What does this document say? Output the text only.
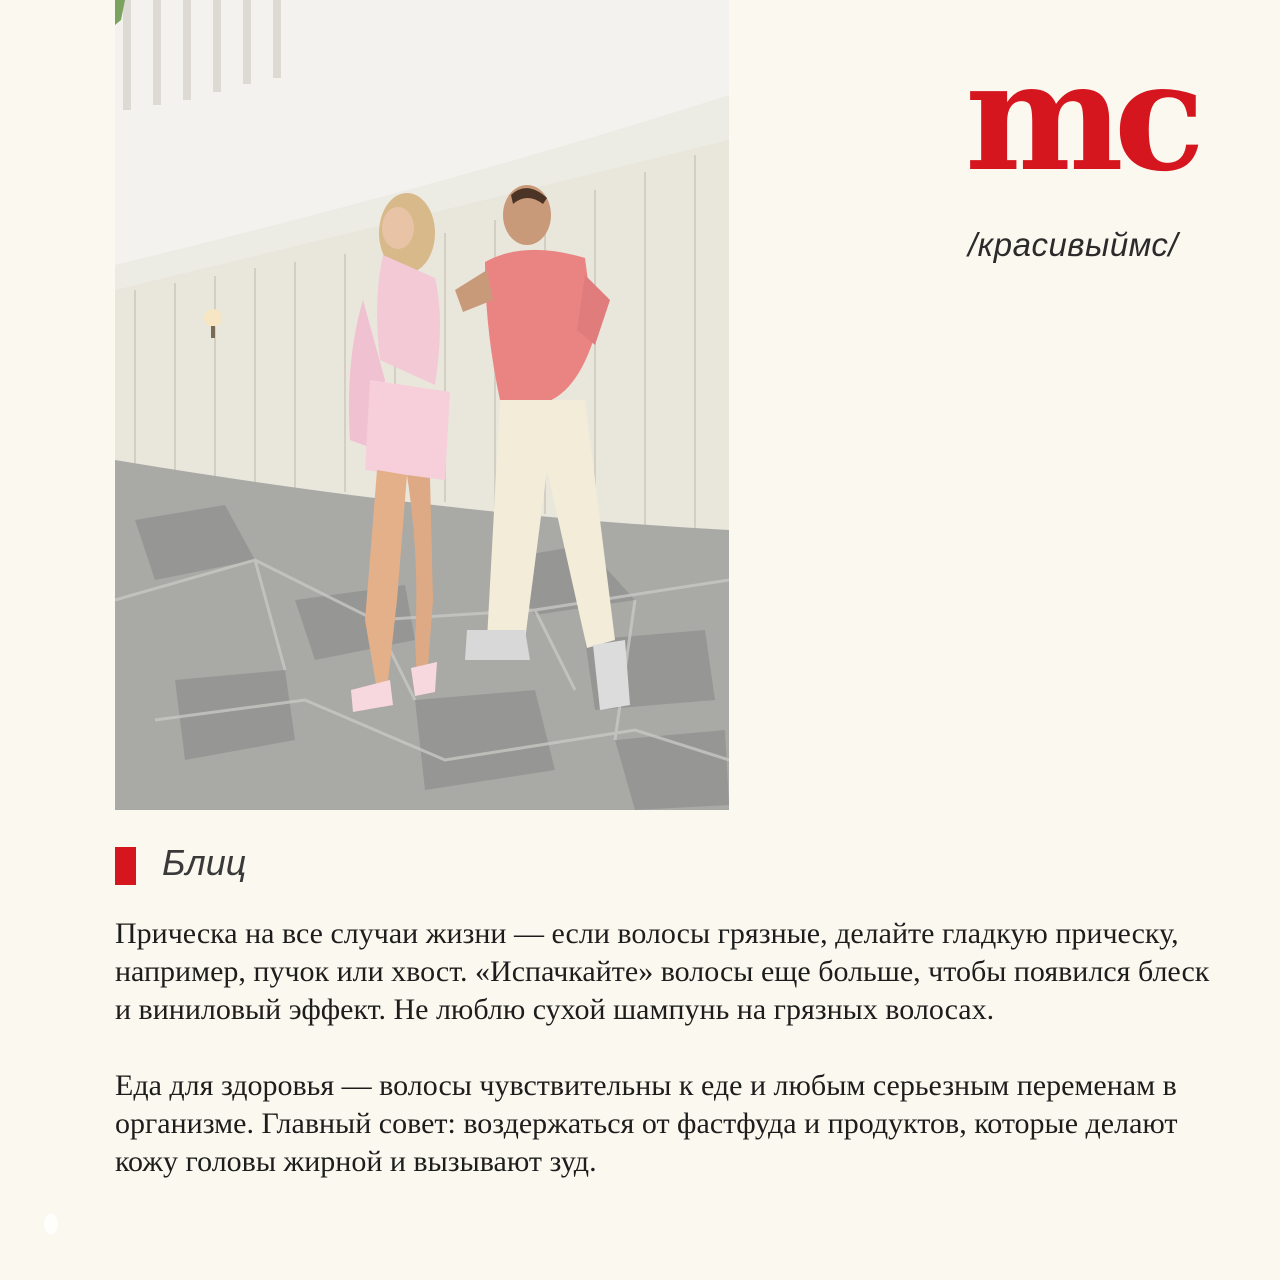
mc
/красивыймс/
Блиц

Прическа на все случаи жизни — если волосы грязные, делайте гладкую прическу, например, пучок или хвост. «Испачкайте» волосы еще больше, чтобы появился блеск и виниловый эффект. Не люблю сухой шампунь на грязных волосах.

Еда для здоровья — волосы чувствительны к еде и любым серьезным переменам в организме. Главный совет: воздержаться от фастфуда и продуктов, которые делают кожу головы жирной и вызывают зуд.
